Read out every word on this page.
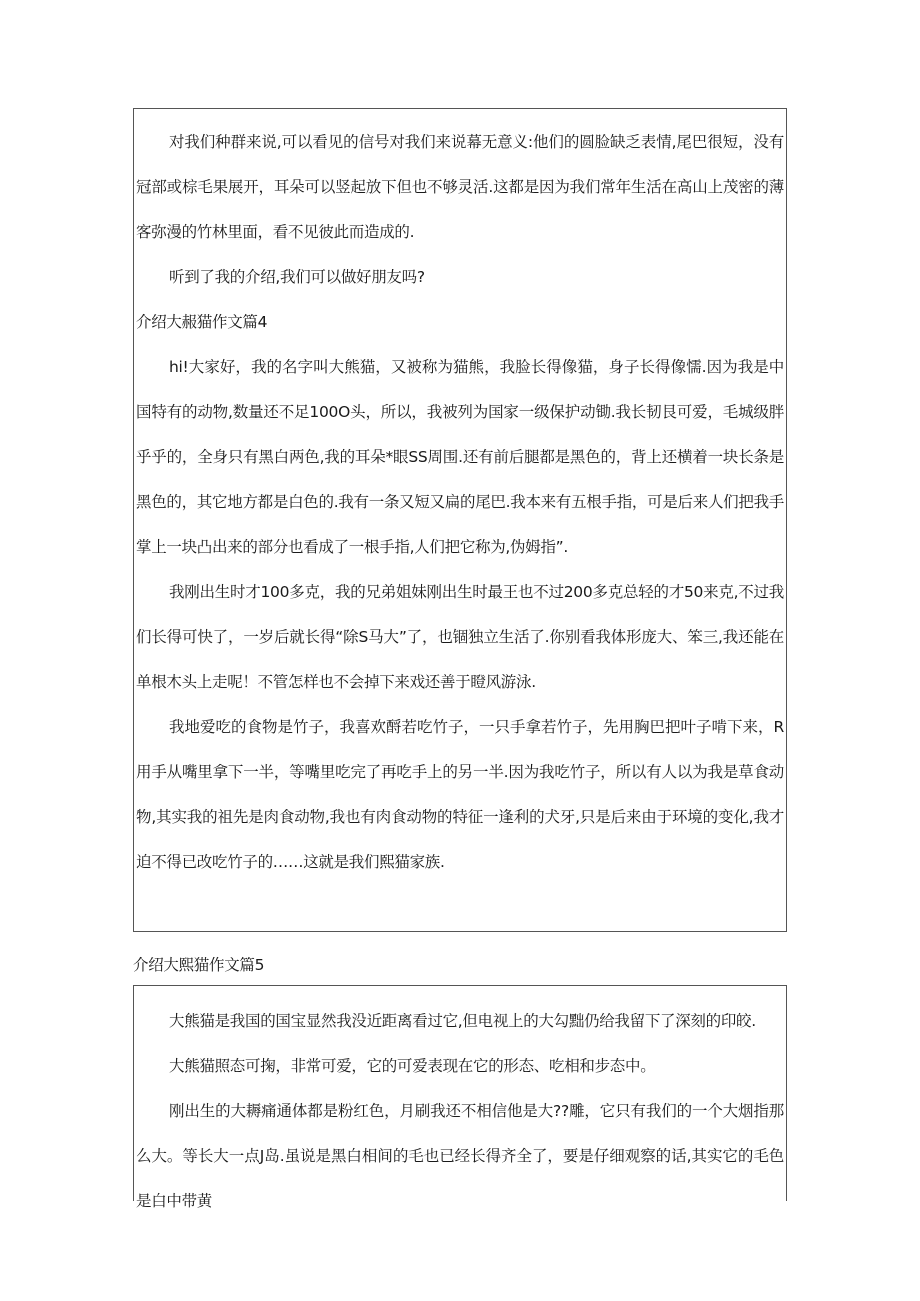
对我们种群来说,可以看见的信号对我们来说幕无意义:他们的圆脸缺乏表情,尾巴很短，没有冠部或棕毛果展开，耳朵可以竖起放下但也不够灵活.这都是因为我们常年生活在高山上茂密的薄客弥漫的竹林里面，看不见彼此而造成的.

听到了我的介绍,我们可以做好朋友吗?

介绍大赧猫作文篇4

hi!大家好，我的名字叫大熊猫，又被称为猫熊，我脸长得像猫，身子长得像懦.因为我是中国特有的动物,数量还不足100O头，所以，我被列为国家一级保护动锄.我长韧艮可爱，毛城级胖乎乎的，全身只有黑白两色,我的耳朵*眼SS周围.还有前后腿都是黑色的，背上还横着一块长条是黑色的，其它地方都是白色的.我有一条又短又扁的尾巴.我本来有五根手指，可是后来人们把我手掌上一块凸出来的部分也看成了一根手指,人们把它称为,伪姆指”.

我刚出生时才100多克，我的兄弟姐妹刚出生时最王也不过200多克总轻的才50来克,不过我们长得可快了，一岁后就长得“除S马大”了，也锢独立生活了.你别看我体形庞大、笨三,我还能在单根木头上走呢！不管怎样也不会掉下来戏还善于瞪风游泳.

我地爱吃的食物是竹子，我喜欢酹若吃竹子，一只手拿若竹子，先用胸巴把叶子啃下来，R用手从嘴里拿下一半，等嘴里吃完了再吃手上的另一半.因为我吃竹子，所以有人以为我是草食动物,其实我的祖先是肉食动物,我也有肉食动物的特征一逢利的犬牙,只是后来由于环境的变化,我才迫不得已改吃竹子的……这就是我们熙猫家族.

介绍大熙猫作文篇5

大熊猫是我国的国宝显然我没近距离看过它,但电视上的大勾黜仍给我留下了深刻的印皎.

大熊猫照态可掬，非常可爱，它的可爱表现在它的形态、吃相和步态中。

刚出生的大耨痛通体都是粉红色，月刷我还不相信他是大??雕，它只有我们的一个大烟指那么大。等长大一点J岛.虽说是黑白相间的毛也已经长得齐全了，要是仔细观察的话,其实它的毛色是白中带黄
